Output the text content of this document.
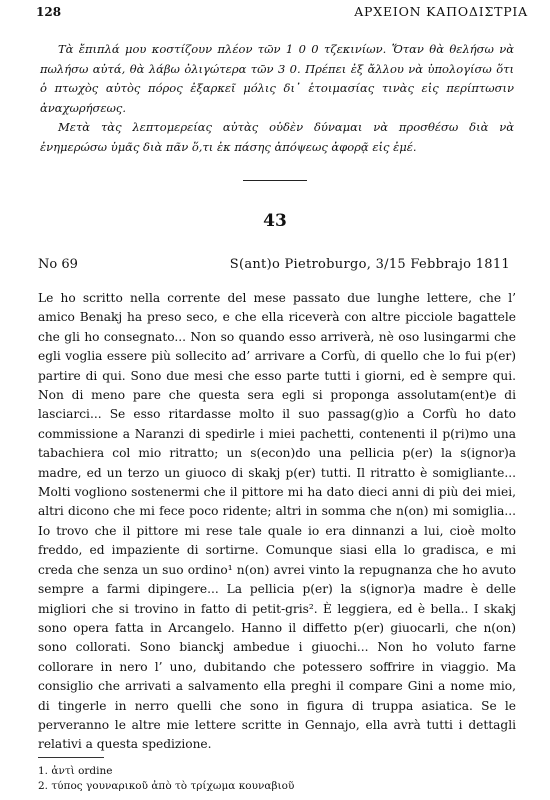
128	ΑΡΧΕΙΟΝ ΚΑΠΟΔΙΣΤΡΙΑ

Τὰ ἔπιπλά μου κοστίζουν πλέον τῶν 1 0 0 τζεκινίων. Ὅταν θὰ θελήσω νὰ πωλήσω αὐτά, θὰ λάβω ὀλιγώτερα τῶν 3 0. Πρέπει ἐξ ἄλλου νὰ ὑπολογίσω ὅτι ὁ πτωχὸς αὐτὸς πόρος ἐξαρκεῖ μόλις δι᾿ ἑτοιμασίας τινὰς εἰς περίπτωσιν ἀναχωρήσεως.

Μετὰ τὰς λεπτομερείας αὐτὰς οὐδὲν δύναμαι νὰ προσθέσω διὰ νὰ ἐνημερώσω ὑμᾶς διὰ πᾶν ὅ,τι ἐκ πάσης ἀπόψεως ἀφορᾷ εἰς ἐμέ.

43
No 69	S(ant)o Pietroburgo, 3/15 Febbrajo 1811

Le ho scritto nella corrente del mese passato due lunghe lettere, che l’ amico Benakj ha preso seco, e che ella riceverà con altre picciole bagattele che gli ho consegnato... Non so quando esso arriverà, nè oso lusingarmi che egli voglia essere più sollecito ad’ arrivare a Corfù, di quello che lo fui p(er) partire di qui. Sono due mesi che esso parte tutti i giorni, ed è sempre qui. Non di meno pare che questa sera egli si proponga assolutam(ent)e di lasciarci... Se esso ritardasse molto il suo passag(g)io a Corfù ho dato commissione a Naranzi di spedirle i miei pachetti, contenenti il p(ri)mo una tabachiera col mio ritratto; un s(econ)do una pellicia p(er) la s(ignor)a madre, ed un terzo un giuoco di skakj p(er) tutti. Il ritratto è somigliante... Molti vogliono sostenermi che il pittore mi ha dato dieci anni di più dei miei, altri dicono che mi fece poco ridente; altri in somma che n(on) mi somiglia... Io trovo che il pittore mi rese tale quale io era dinnanzi a lui, cioè molto freddo, ed impaziente di sortirne. Comunque siasi ella lo gradisca, e mi creda che senza un suo ordino¹ n(on) avrei vinto la repugnanza che ho avuto sempre a farmi dipingere... La pellicia p(er) la s(ignor)a madre è delle migliori che si trovino in fatto di petit-gris². È leggiera, ed è bella.. I skakj sono opera fatta in Arcangelo. Hanno il diffetto p(er) giuocarli, che n(on) sono collorati. Sono bianckj ambedue i giuochi... Non ho voluto farne collorare in nero l’ uno, dubitando che potessero soffrire in viaggio. Ma consiglio che arrivati a salvamento ella preghi il compare Gini a nome mio, di tingerle in nerro quelli che sono in figura di truppa asiatica. Se le perveranno le altre mie lettere scritte in Gennajo, ella avrà tutti i dettagli relativi a questa spedizione.

1. ἀντὶ ordine
2. τύπος γουναρικοῦ ἀπὸ τὸ τρίχωμα κουναβιοῦ
